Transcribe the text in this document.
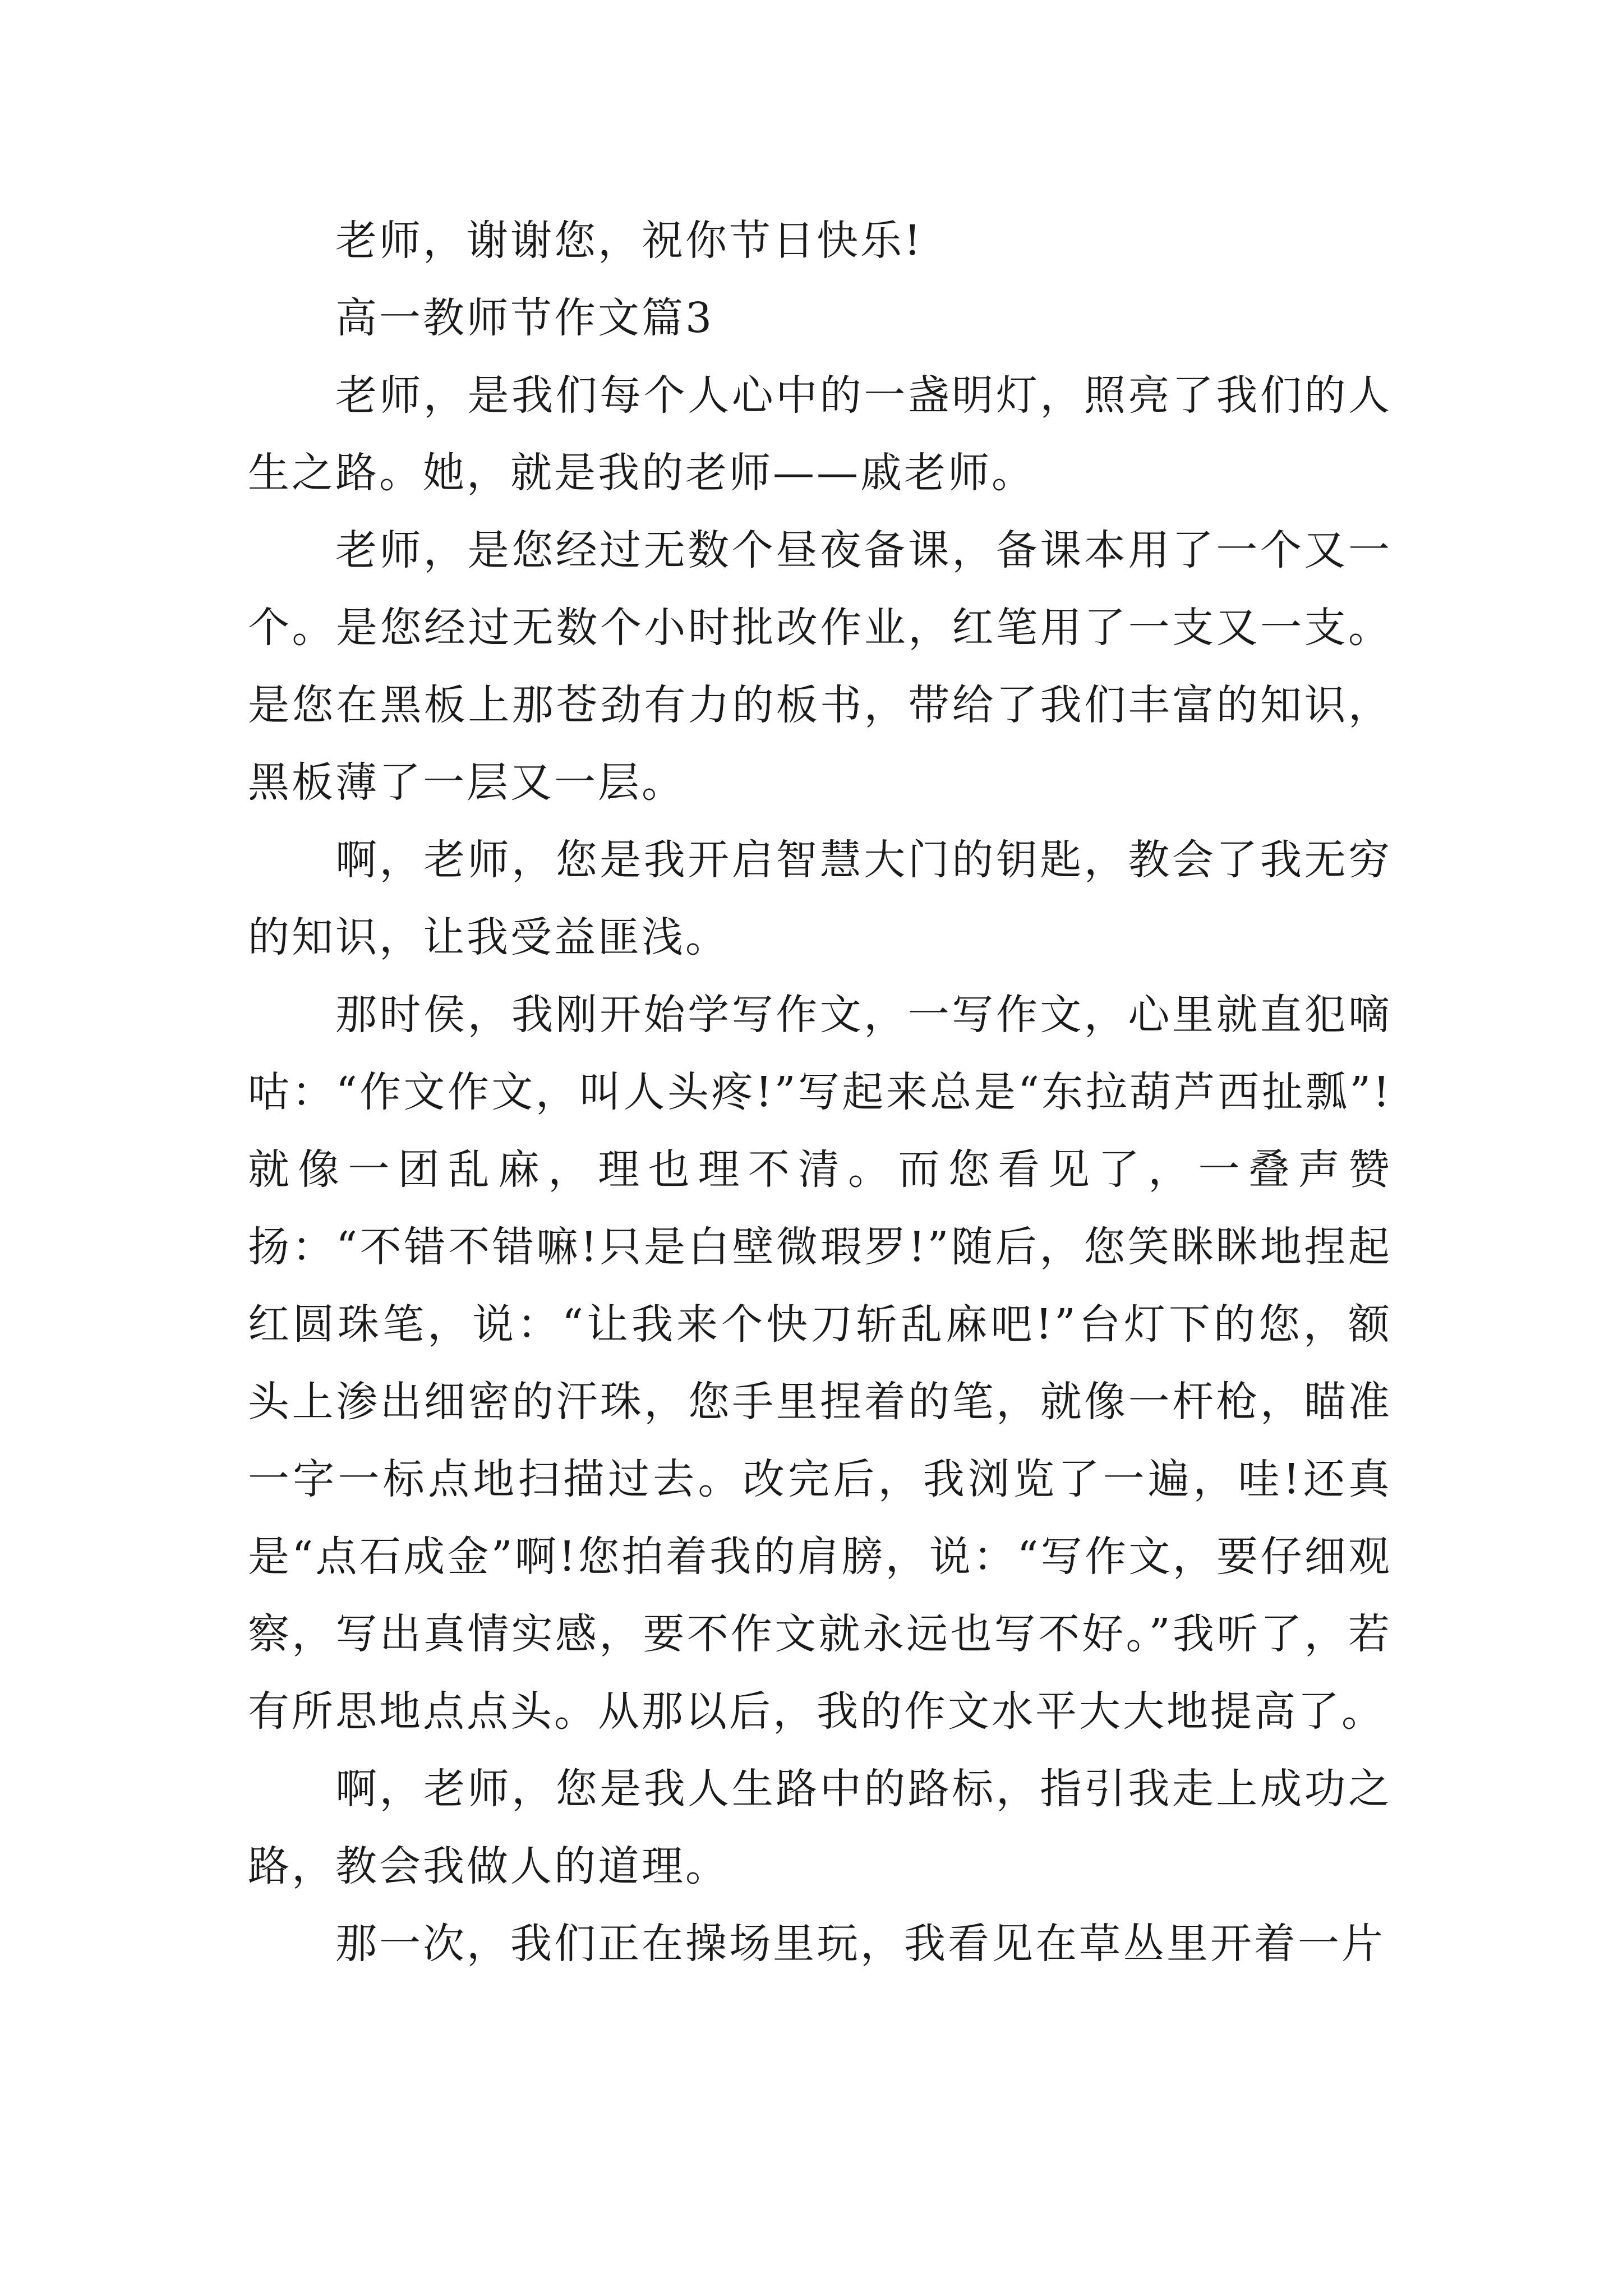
老师，谢谢您，祝你节日快乐!

高一教师节作文篇3

老师，是我们每个人心中的一盏明灯，照亮了我们的人生之路。她，就是我的老师——戚老师。

老师，是您经过无数个昼夜备课，备课本用了一个又一个。是您经过无数个小时批改作业，红笔用了一支又一支。是您在黑板上那苍劲有力的板书，带给了我们丰富的知识，黑板薄了一层又一层。

啊，老师，您是我开启智慧大门的钥匙，教会了我无穷的知识，让我受益匪浅。

那时侯，我刚开始学写作文，一写作文，心里就直犯嘀咕：“作文作文，叫人头疼!”写起来总是“东拉葫芦西扯瓢”!就像一团乱麻，理也理不清。而您看见了，一叠声赞扬：“不错不错嘛!只是白壁微瑕罗!”随后，您笑眯眯地捏起红圆珠笔，说：“让我来个快刀斩乱麻吧!”台灯下的您，额头上渗出细密的汗珠，您手里捏着的笔，就像一杆枪，瞄准一字一标点地扫描过去。改完后，我浏览了一遍，哇!还真是“点石成金”啊!您拍着我的肩膀，说：“写作文，要仔细观察，写出真情实感，要不作文就永远也写不好。”我听了，若有所思地点点头。从那以后，我的作文水平大大地提高了。

啊，老师，您是我人生路中的路标，指引我走上成功之路，教会我做人的道理。

那一次，我们正在操场里玩，我看见在草丛里开着一片
